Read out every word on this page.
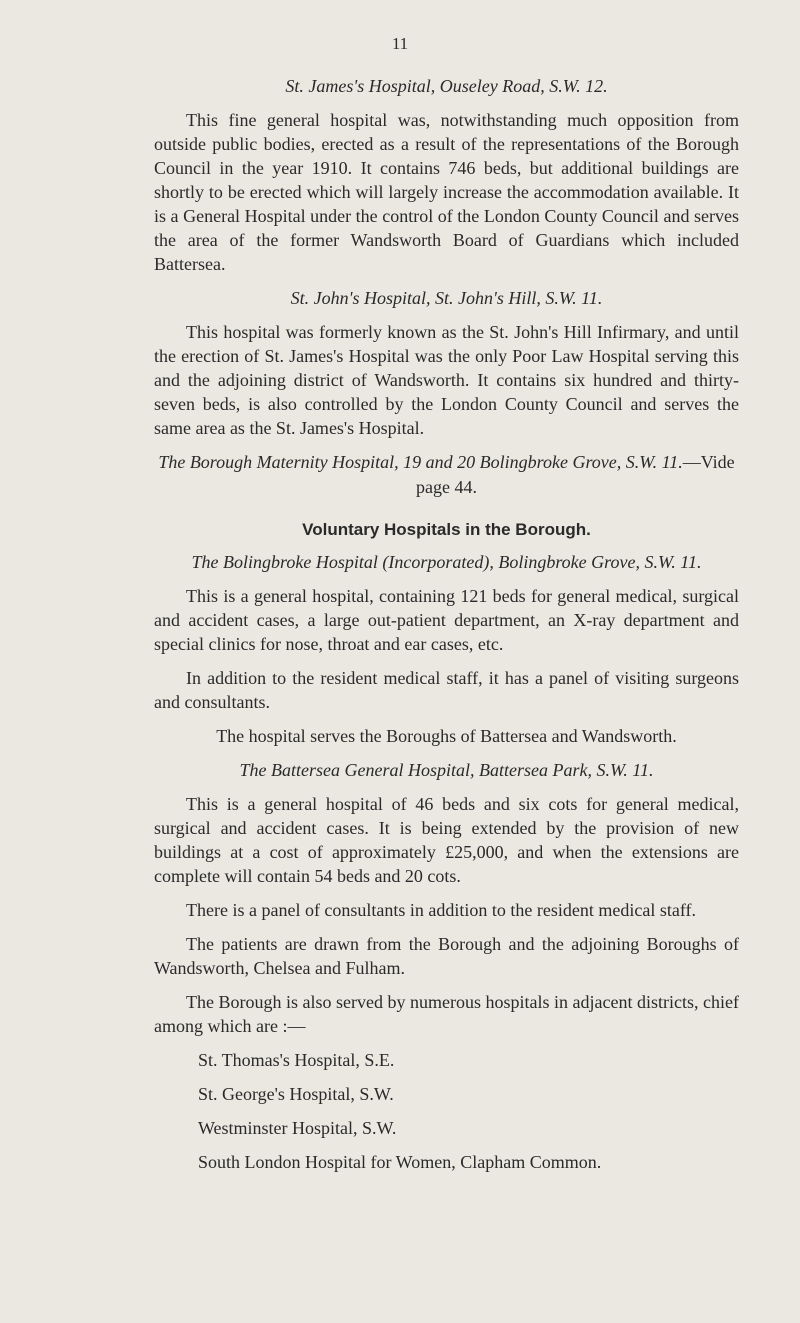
11
St. James's Hospital, Ouseley Road, S.W. 12.

This fine general hospital was, notwithstanding much opposition from outside public bodies, erected as a result of the representations of the Borough Council in the year 1910. It contains 746 beds, but additional buildings are shortly to be erected which will largely increase the accommodation available. It is a General Hospital under the control of the London County Council and serves the area of the former Wandsworth Board of Guardians which included Battersea.

St. John's Hospital, St. John's Hill, S.W. 11.

This hospital was formerly known as the St. John's Hill Infirmary, and until the erection of St. James's Hospital was the only Poor Law Hospital serving this and the adjoining district of Wandsworth. It contains six hundred and thirty-seven beds, is also controlled by the London County Council and serves the same area as the St. James's Hospital.

The Borough Maternity Hospital, 19 and 20 Bolingbroke Grove, S.W. 11.—Vide page 44.
Voluntary Hospitals in the Borough.
The Bolingbroke Hospital (Incorporated), Bolingbroke Grove, S.W. 11.

This is a general hospital, containing 121 beds for general medical, surgical and accident cases, a large out-patient department, an X-ray department and special clinics for nose, throat and ear cases, etc.

In addition to the resident medical staff, it has a panel of visiting surgeons and consultants.

The hospital serves the Boroughs of Battersea and Wandsworth.

The Battersea General Hospital, Battersea Park, S.W. 11.

This is a general hospital of 46 beds and six cots for general medical, surgical and accident cases. It is being extended by the provision of new buildings at a cost of approximately £25,000, and when the extensions are complete will contain 54 beds and 20 cots.

There is a panel of consultants in addition to the resident medical staff.

The patients are drawn from the Borough and the adjoining Boroughs of Wandsworth, Chelsea and Fulham.

The Borough is also served by numerous hospitals in adjacent districts, chief among which are :—

St. Thomas's Hospital, S.E.
St. George's Hospital, S.W.
Westminster Hospital, S.W.
South London Hospital for Women, Clapham Common.
